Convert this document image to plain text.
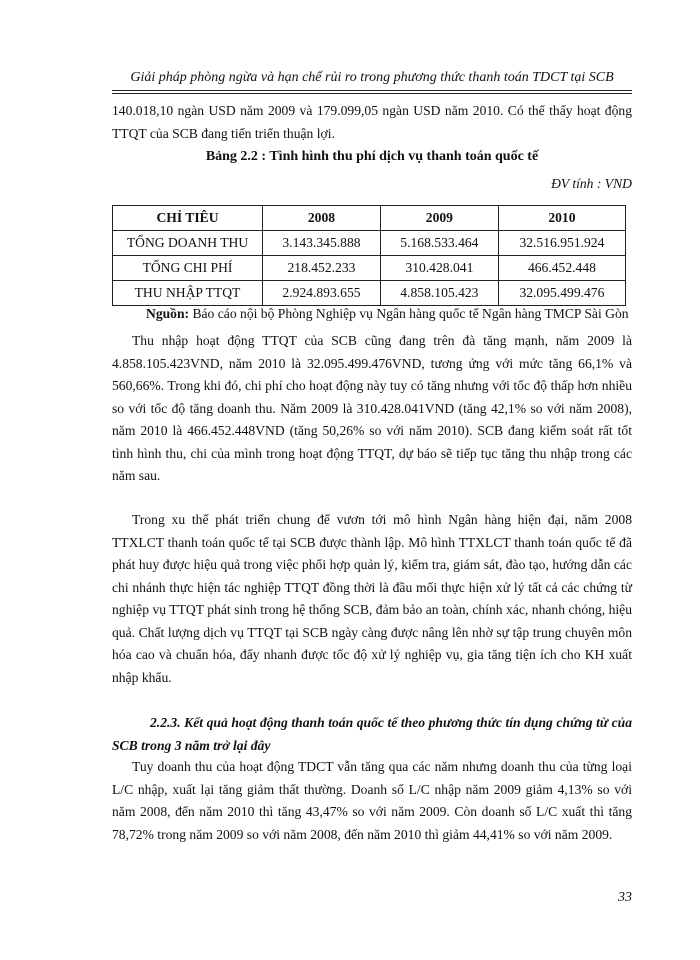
Giải pháp phòng ngừa và hạn chế rủi ro trong phương thức thanh toán TDCT tại SCB

140.018,10 ngàn USD năm 2009 và 179.099,05 ngàn USD năm 2010. Có thể thấy hoạt động TTQT của SCB đang tiến triển thuận lợi.

Bảng 2.2 : Tình hình thu phí dịch vụ thanh toán quốc tế
ĐV tính : VND
CHỈ TIÊU	2008	2009	2010
TỔNG DOANH THU	3.143.345.888	5.168.533.464	32.516.951.924
TỔNG CHI PHÍ	218.452.233	310.428.041	466.452.448
THU NHẬP TTQT	2.924.893.655	4.858.105.423	32.095.499.476
Nguồn: Báo cáo nội bộ Phòng Nghiệp vụ Ngân hàng quốc tế Ngân hàng TMCP Sài Gòn

Thu nhập hoạt động TTQT của SCB cũng đang trên đà tăng mạnh, năm 2009 là 4.858.105.423VND, năm 2010 là 32.095.499.476VND, tương ứng với mức tăng 66,1% và 560,66%. Trong khi đó, chi phí cho hoạt động này tuy có tăng nhưng với tốc độ thấp hơn nhiều so với tốc độ tăng doanh thu. Năm 2009 là 310.428.041VND (tăng 42,1% so với năm 2008), năm 2010 là 466.452.448VND (tăng 50,26% so với năm 2010). SCB đang kiểm soát rất tốt tình hình thu, chi của mình trong hoạt động TTQT, dự báo sẽ tiếp tục tăng thu nhập trong các năm sau.

Trong xu thế phát triển chung để vươn tới mô hình Ngân hàng hiện đại, năm 2008 TTXLCT thanh toán quốc tế tại SCB được thành lập. Mô hình TTXLCT thanh toán quốc tế đã phát huy được hiệu quả trong việc phối hợp quản lý, kiểm tra, giám sát, đào tạo, hướng dẫn các chi nhánh thực hiện tác nghiệp TTQT đồng thời là đầu mối thực hiện xử lý tất cả các chứng từ nghiệp vụ TTQT phát sinh trong hệ thống SCB, đảm bảo an toàn, chính xác, nhanh chóng, hiệu quả. Chất lượng dịch vụ TTQT tại SCB ngày càng được nâng lên nhờ sự tập trung chuyên môn hóa cao và chuẩn hóa, đẩy nhanh được tốc độ xử lý nghiệp vụ, gia tăng tiện ích cho KH xuất nhập khẩu.

2.2.3. Kết quả hoạt động thanh toán quốc tế theo phương thức tín dụng chứng từ của SCB trong 3 năm trở lại đây

Tuy doanh thu của hoạt động TDCT vẫn tăng qua các năm nhưng doanh thu của từng loại L/C nhập, xuất lại tăng giảm thất thường. Doanh số L/C nhập năm 2009 giảm 4,13% so với năm 2008, đến năm 2010 thì tăng 43,47% so với năm 2009. Còn doanh số L/C xuất thì tăng 78,72% trong năm 2009 so với năm 2008, đến năm 2010 thì giảm 44,41% so với năm 2009.

33
